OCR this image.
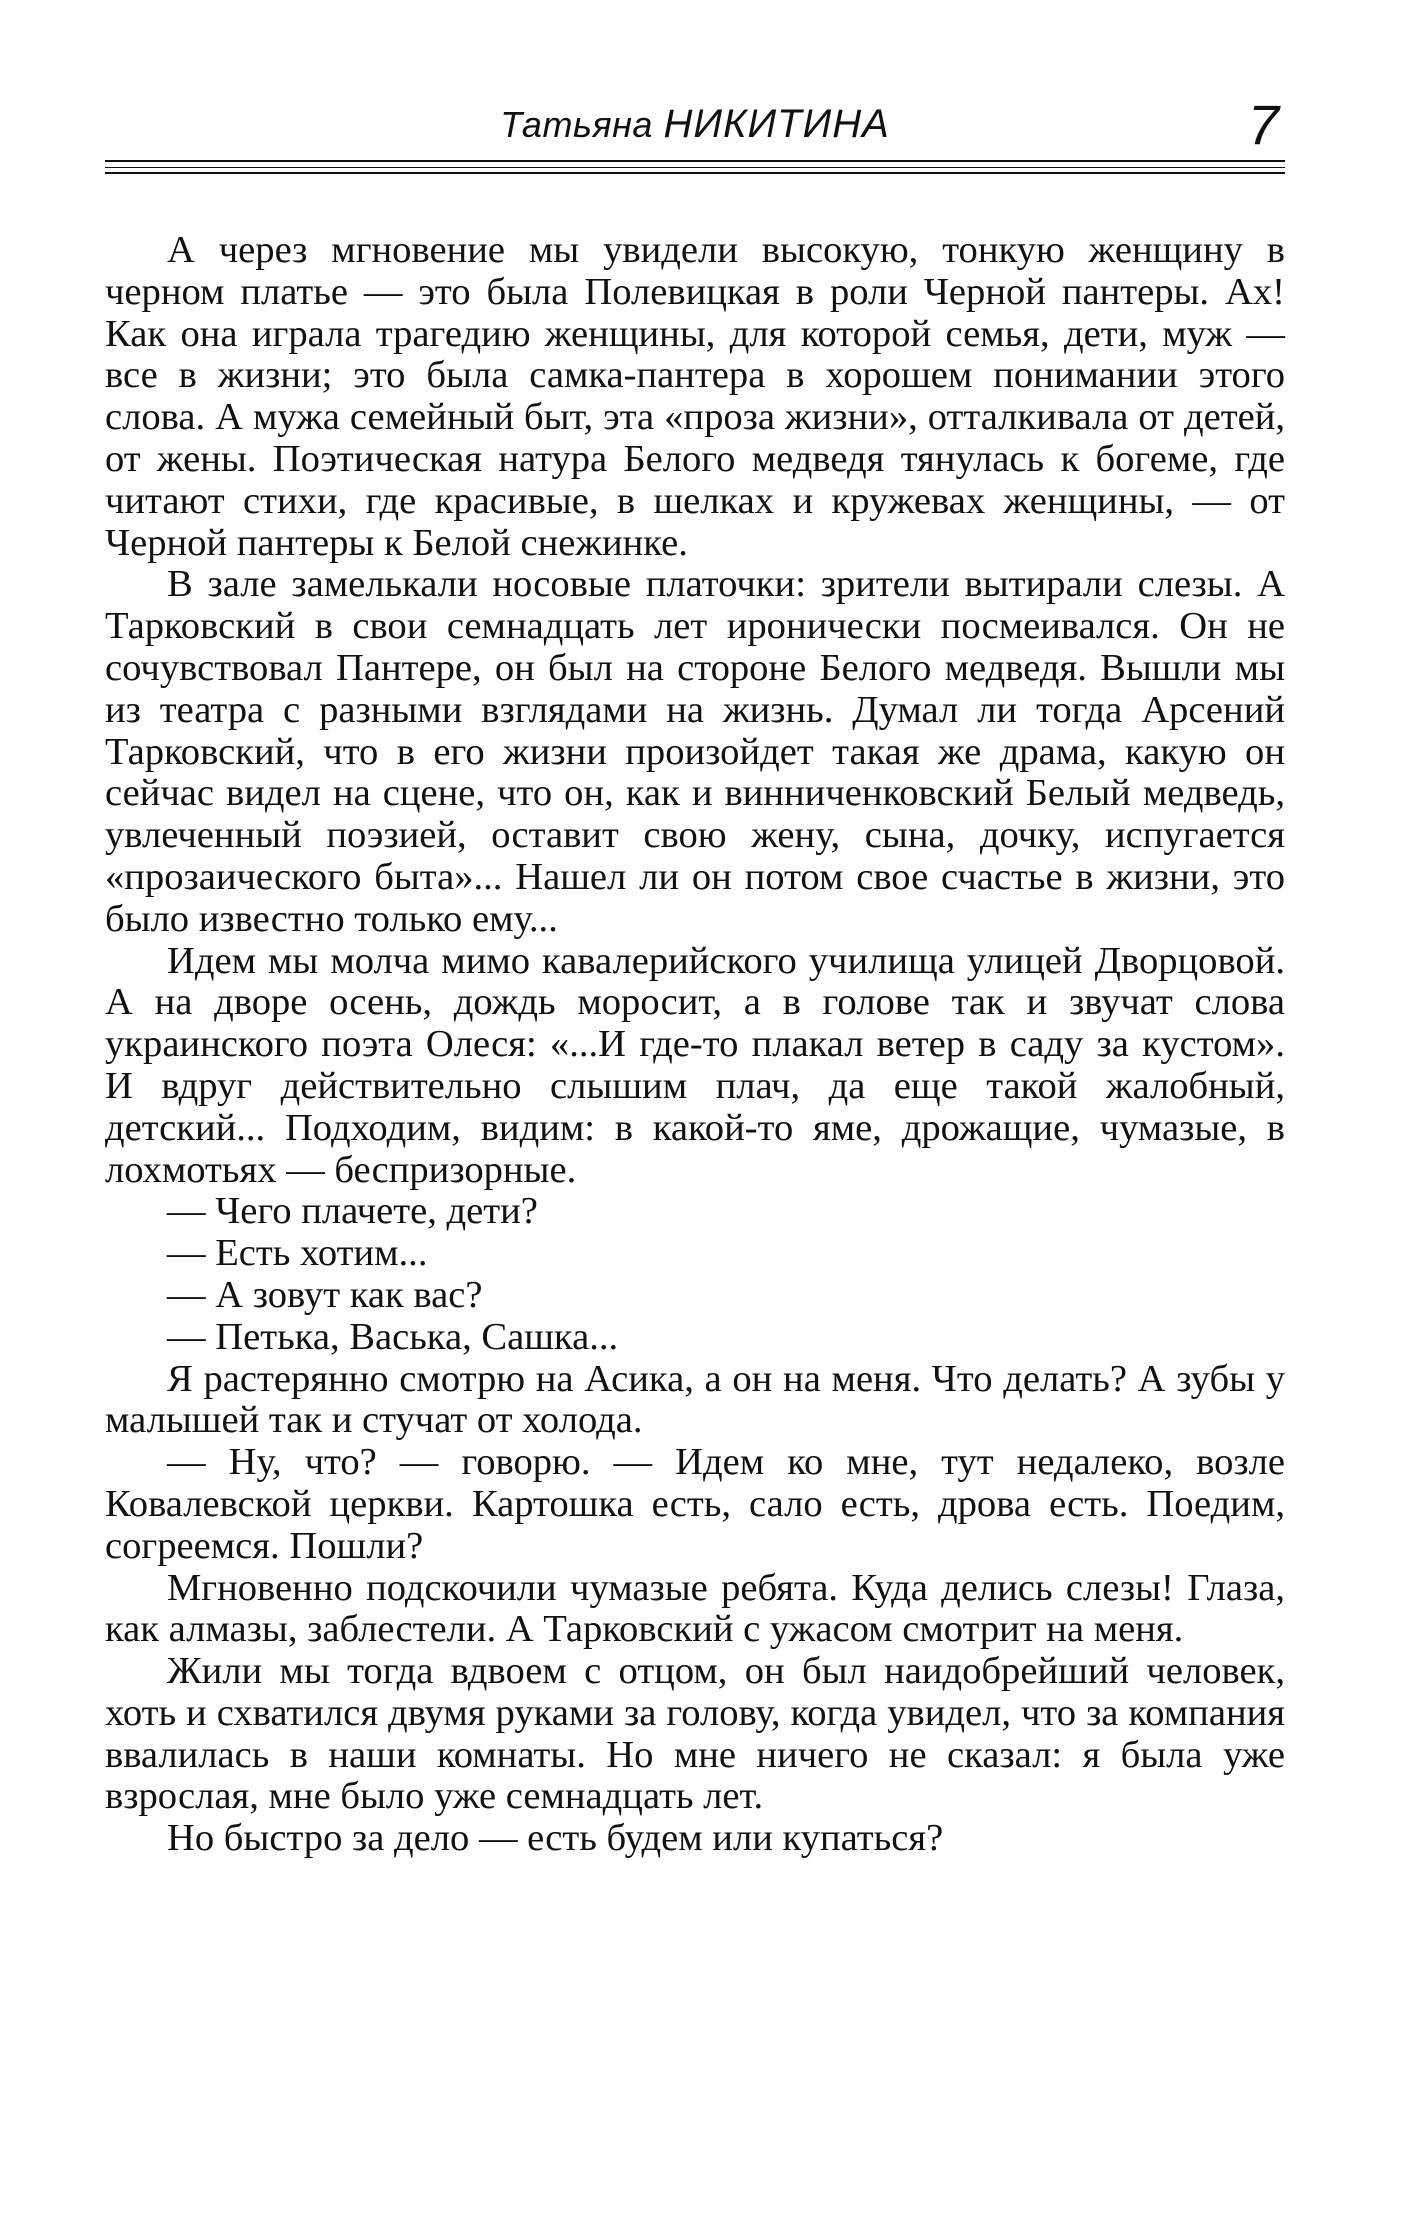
Татьяна НИКИТИНА	7

А через мгновение мы увидели высокую, тонкую женщину в черном платье — это была Полевицкая в роли Черной пантеры. Ах! Как она играла трагедию женщины, для которой семья, дети, муж — все в жизни; это была самка-пантера в хорошем понимании этого слова. А мужа семейный быт, эта «проза жизни», отталкивала от детей, от жены. Поэтическая натура Белого медведя тянулась к богеме, где читают стихи, где красивые, в шелках и кружевах женщины, — от Черной пантеры к Белой снежинке.

В зале замелькали носовые платочки: зрители вытирали слезы. А Тарковский в свои семнадцать лет иронически посмеивался. Он не сочувствовал Пантере, он был на стороне Белого медведя. Вышли мы из театра с разными взглядами на жизнь. Думал ли тогда Арсений Тарковский, что в его жизни произойдет такая же драма, какую он сейчас видел на сцене, что он, как и винниченковский Белый медведь, увлеченный поэзией, оставит свою жену, сына, дочку, испугается «прозаического быта»... Нашел ли он потом свое счастье в жизни, это было известно только ему...

Идем мы молча мимо кавалерийского училища улицей Дворцовой. А на дворе осень, дождь моросит, а в голове так и звучат слова украинского поэта Олеся: «...И где-то плакал ветер в саду за кустом». И вдруг действительно слышим плач, да еще такой жалобный, детский... Подходим, видим: в какой-то яме, дрожащие, чумазые, в лохмотьях — беспризорные.

— Чего плачете, дети?

— Есть хотим...

— А зовут как вас?

— Петька, Васька, Сашка...

Я растерянно смотрю на Асика, а он на меня. Что делать? А зубы у малышей так и стучат от холода.

— Ну, что? — говорю. — Идем ко мне, тут недалеко, возле Ковалевской церкви. Картошка есть, сало есть, дрова есть. Поедим, согреемся. Пошли?

Мгновенно подскочили чумазые ребята. Куда делись слезы! Глаза, как алмазы, заблестели. А Тарковский с ужасом смотрит на меня.

Жили мы тогда вдвоем с отцом, он был наидобрейший человек, хоть и схватился двумя руками за голову, когда увидел, что за компания ввалилась в наши комнаты. Но мне ничего не сказал: я была уже взрослая, мне было уже семнадцать лет.

Но быстро за дело — есть будем или купаться?
